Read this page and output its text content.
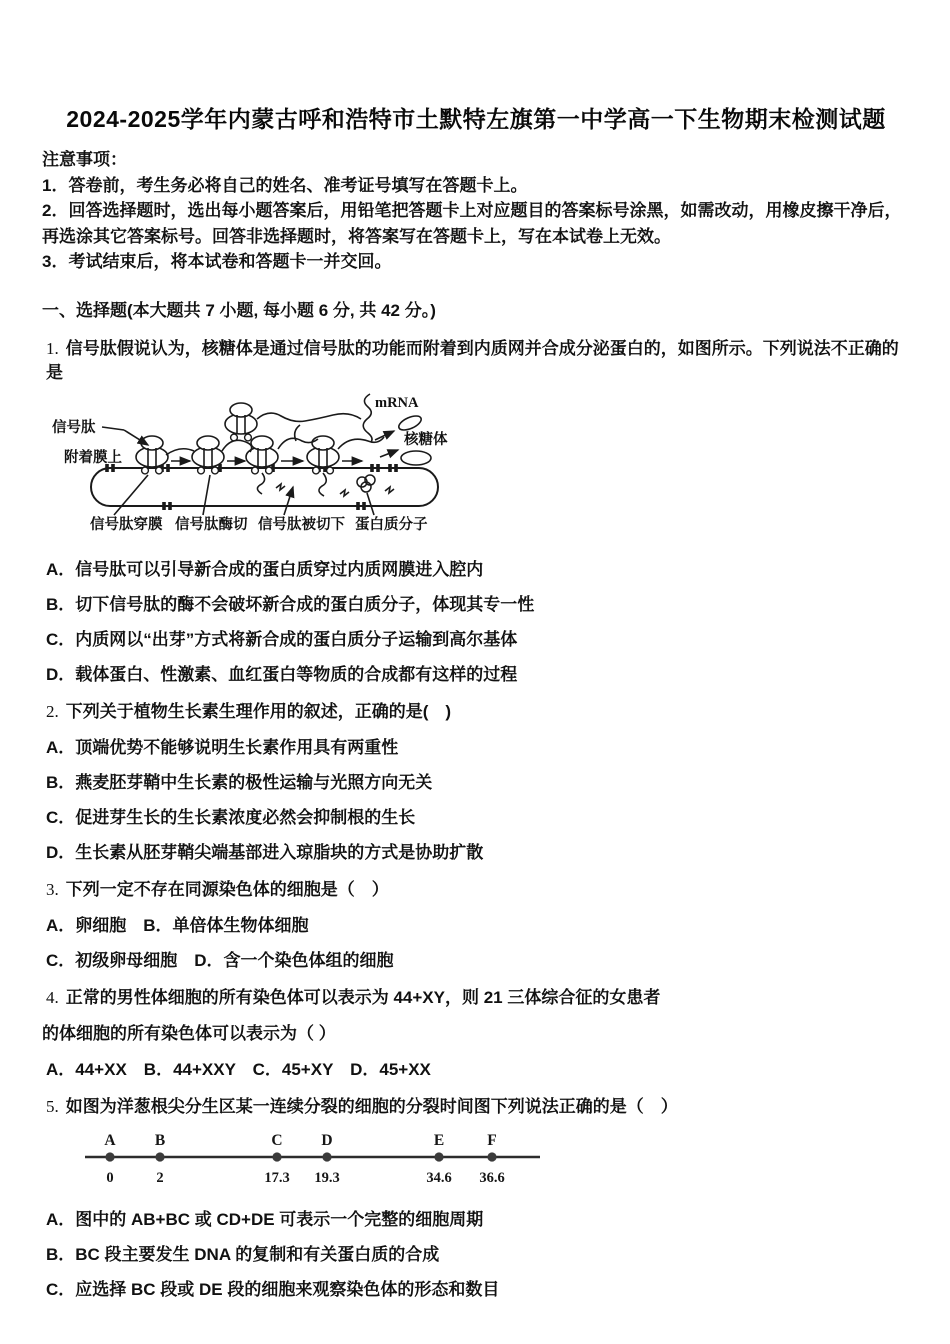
2024-2025学年内蒙古呼和浩特市土默特左旗第一中学高一下生物期末检测试题

注意事项：

1．答卷前，考生务必将自己的姓名、准考证号填写在答题卡上。

2．回答选择题时，选出每小题答案后，用铅笔把答题卡上对应题目的答案标号涂黑，如需改动，用橡皮擦干净后，再选涂其它答案标号。回答非选择题时，将答案写在答题卡上，写在本试卷上无效。

3．考试结束后，将本试卷和答题卡一并交回。

一、选择题(本大题共 7 小题, 每小题 6 分, 共 42 分。)
1. 信号肽假说认为，核糖体是通过信号肽的功能而附着到内质网并合成分泌蛋白的，如图所示。下列说法不正确的是
信号肽
附着膜上
mRNA
核糖体
信号肽穿膜 信号肽酶切 信号肽被切下 蛋白质分子
A．信号肽可以引导新合成的蛋白质穿过内质网膜进入腔内
B．切下信号肽的酶不会破坏新合成的蛋白质分子，体现其专一性
C．内质网以“出芽”方式将新合成的蛋白质分子运输到高尔基体
D．载体蛋白、性激素、血红蛋白等物质的合成都有这样的过程
2. 下列关于植物生长素生理作用的叙述，正确的是(　)
A．顶端优势不能够说明生长素作用具有两重性
B．燕麦胚芽鞘中生长素的极性运输与光照方向无关
C．促进芽生长的生长素浓度必然会抑制根的生长
D．生长素从胚芽鞘尖端基部进入琼脂块的方式是协助扩散
3. 下列一定不存在同源染色体的细胞是（　）
A．卵细胞　B．单倍体生物体细胞
C．初级卵母细胞　D．含一个染色体组的细胞
4. 正常的男性体细胞的所有染色体可以表示为 44+XY，则 21 三体综合征的女患者
的体细胞的所有染色体可以表示为（ ）
A．44+XX　B．44+XXY　C．45+XY　D．45+XX
5. 如图为洋葱根尖分生区某一连续分裂的细胞的分裂时间图下列说法正确的是（　）
A	B	C	D	E	F
0	2	17.3 19.3	34.6 36.6
A．图中的 AB+BC 或 CD+DE 可表示一个完整的细胞周期
B．BC 段主要发生 DNA 的复制和有关蛋白质的合成
C．应选择 BC 段或 DE 段的细胞来观察染色体的形态和数目
